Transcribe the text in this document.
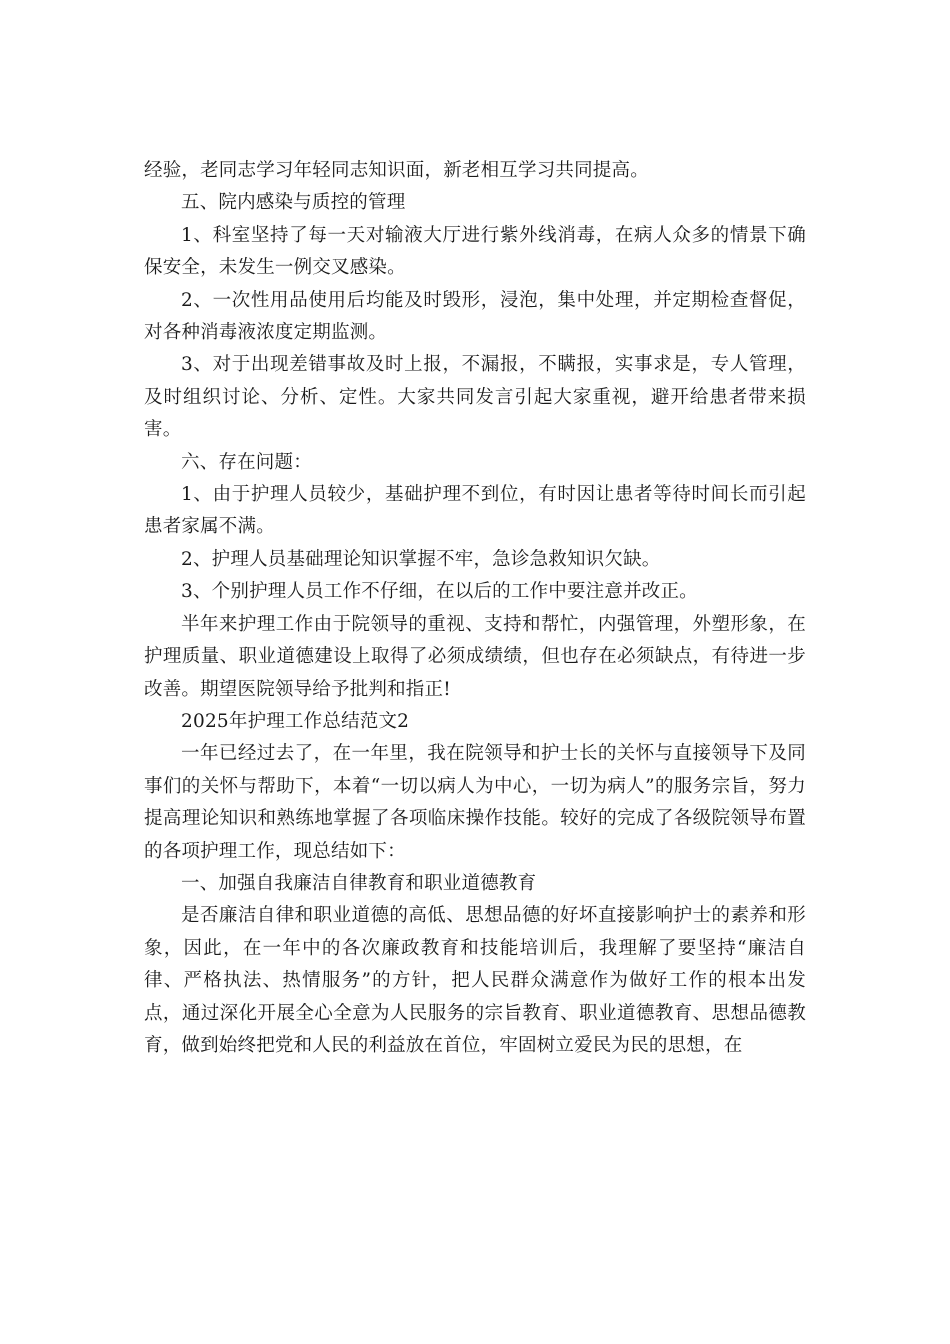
经验，老同志学习年轻同志知识面，新老相互学习共同提高。

五、院内感染与质控的管理

1、科室坚持了每一天对输液大厅进行紫外线消毒，在病人众多的情景下确保安全，未发生一例交叉感染。

2、一次性用品使用后均能及时毁形，浸泡，集中处理，并定期检查督促，对各种消毒液浓度定期监测。

3、对于出现差错事故及时上报，不漏报，不瞒报，实事求是，专人管理，及时组织讨论、分析、定性。大家共同发言引起大家重视，避开给患者带来损害。

六、存在问题：

1、由于护理人员较少，基础护理不到位，有时因让患者等待时间长而引起患者家属不满。

2、护理人员基础理论知识掌握不牢，急诊急救知识欠缺。

3、个别护理人员工作不仔细，在以后的工作中要注意并改正。

半年来护理工作由于院领导的重视、支持和帮忙，内强管理，外塑形象，在护理质量、职业道德建设上取得了必须成绩绩，但也存在必须缺点，有待进一步改善。期望医院领导给予批判和指正!

2025年护理工作总结范文2

一年已经过去了，在一年里，我在院领导和护士长的关怀与直接领导下及同事们的关怀与帮助下，本着“一切以病人为中心，一切为病人”的服务宗旨，努力提高理论知识和熟练地掌握了各项临床操作技能。较好的完成了各级院领导布置的各项护理工作，现总结如下：

一、加强自我廉洁自律教育和职业道德教育

是否廉洁自律和职业道德的高低、思想品德的好坏直接影响护士的素养和形象，因此，在一年中的各次廉政教育和技能培训后，我理解了要坚持“廉洁自律、严格执法、热情服务”的方针，把人民群众满意作为做好工作的根本出发点，通过深化开展全心全意为人民服务的宗旨教育、职业道德教育、思想品德教育，做到始终把党和人民的利益放在首位，牢固树立爱民为民的思想，在
